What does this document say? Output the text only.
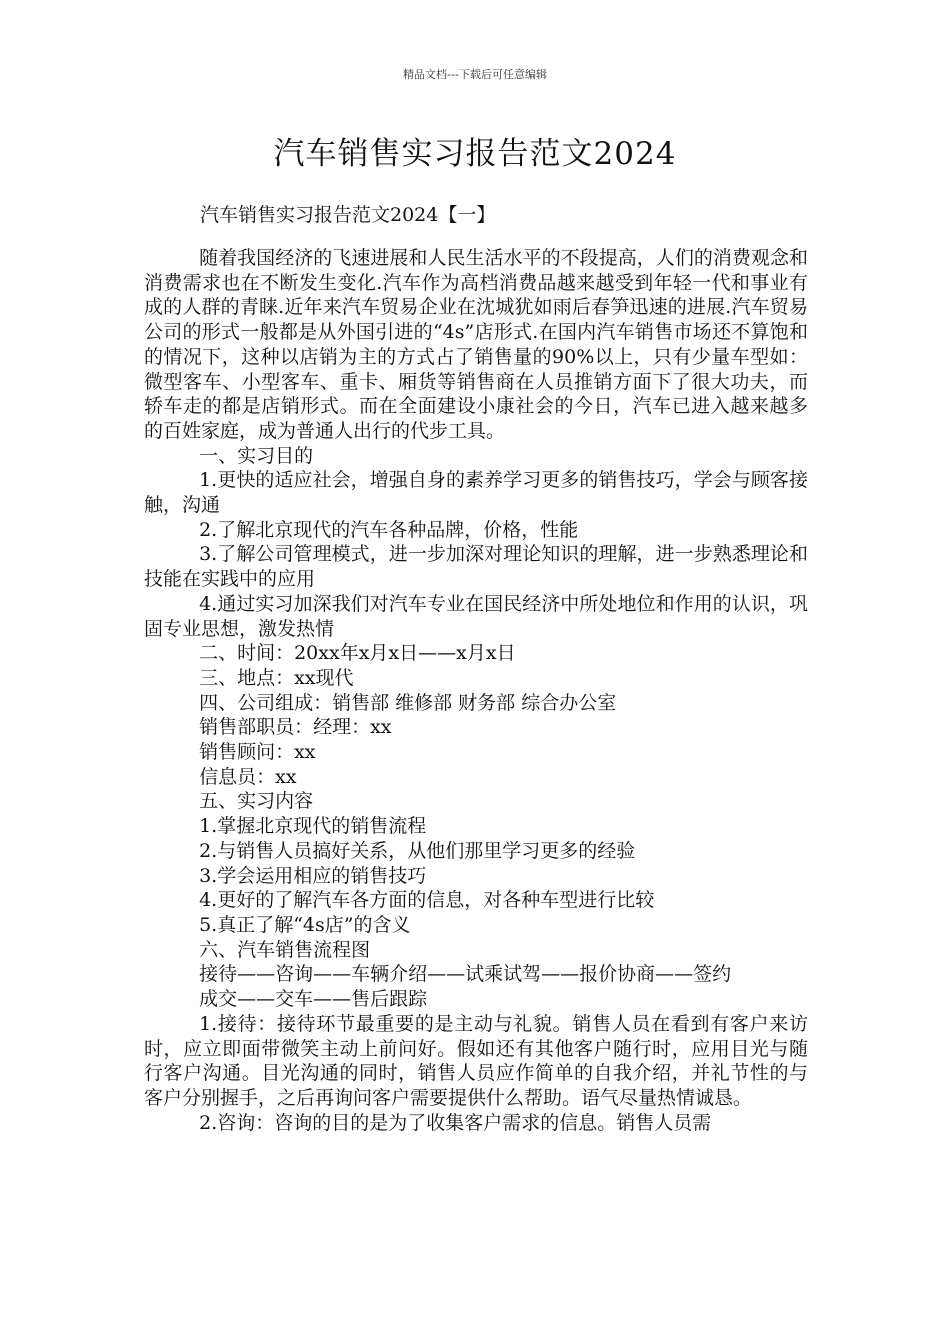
精品文档---下载后可任意编辑
汽车销售实习报告范文2024
汽车销售实习报告范文2024【一】

随着我国经济的飞速进展和人民生活水平的不段提高，人们的消费观念和消费需求也在不断发生变化.汽车作为高档消费品越来越受到年轻一代和事业有成的人群的青睐.近年来汽车贸易企业在沈城犹如雨后春笋迅速的进展.汽车贸易公司的形式一般都是从外国引进的“4s”店形式.在国内汽车销售市场还不算饱和的情况下，这种以店销为主的方式占了销售量的90%以上，只有少量车型如：微型客车、小型客车、重卡、厢货等销售商在人员推销方面下了很大功夫，而轿车走的都是店销形式。而在全面建设小康社会的今日，汽车已进入越来越多的百姓家庭，成为普通人出行的代步工具。

一、实习目的

1.更快的适应社会，增强自身的素养学习更多的销售技巧，学会与顾客接触，沟通

2.了解北京现代的汽车各种品牌，价格，性能

3.了解公司管理模式，进一步加深对理论知识的理解，进一步熟悉理论和技能在实践中的应用

4.通过实习加深我们对汽车专业在国民经济中所处地位和作用的认识，巩固专业思想，激发热情

二、时间：20xx年x月x日——x月x日

三、地点：xx现代

四、公司组成：销售部 维修部 财务部 综合办公室

销售部职员：经理：xx

销售顾问：xx

信息员：xx

五、实习内容

1.掌握北京现代的销售流程

2.与销售人员搞好关系，从他们那里学习更多的经验

3.学会运用相应的销售技巧

4.更好的了解汽车各方面的信息，对各种车型进行比较

5.真正了解“4s店”的含义

六、汽车销售流程图

接待——咨询——车辆介绍——试乘试驾——报价协商——签约

成交——交车——售后跟踪

1.接待：接待环节最重要的是主动与礼貌。销售人员在看到有客户来访时，应立即面带微笑主动上前问好。假如还有其他客户随行时，应用目光与随行客户沟通。目光沟通的同时，销售人员应作简单的自我介绍，并礼节性的与客户分别握手，之后再询问客户需要提供什么帮助。语气尽量热情诚恳。

2.咨询：咨询的目的是为了收集客户需求的信息。销售人员需
